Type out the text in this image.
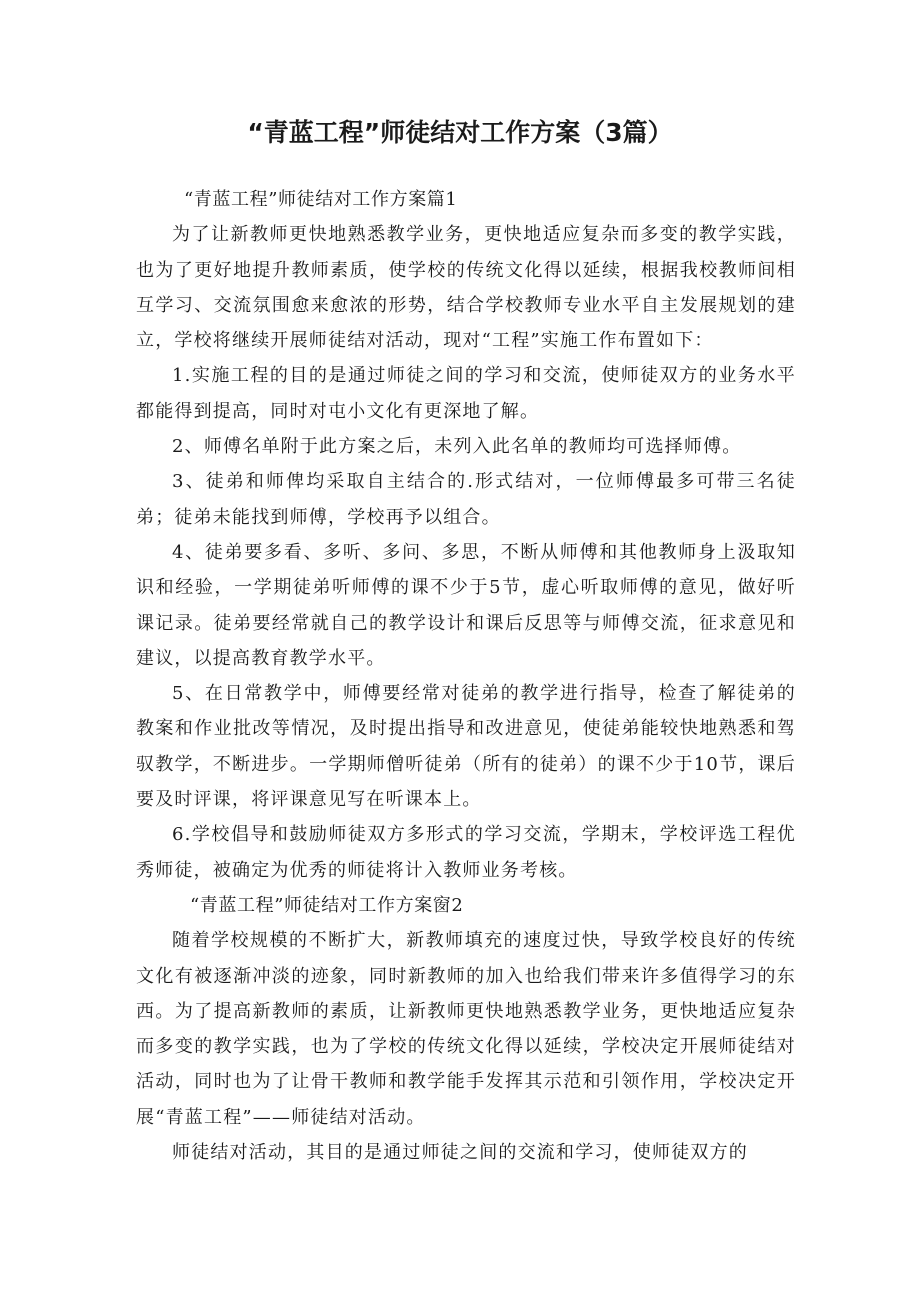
“青蓝工程”师徒结对工作方案（3篇）

“青蓝工程”师徒结对工作方案篇1

为了让新教师更快地熟悉教学业务，更快地适应复杂而多变的教学实践，也为了更好地提升教师素质，使学校的传统文化得以延续，根据我校教师间相互学习、交流氛围愈来愈浓的形势，结合学校教师专业水平自主发展规划的建立，学校将继续开展师徒结对活动，现对“工程”实施工作布置如下：

1.实施工程的目的是通过师徒之间的学习和交流，使师徒双方的业务水平都能得到提高，同时对屯小文化有更深地了解。

2、师傅名单附于此方案之后，未列入此名单的教师均可选择师傅。

3、徒弟和师俾均采取自主结合的.形式结对，一位师傅最多可带三名徒弟；徒弟未能找到师傅，学校再予以组合。

4、徒弟要多看、多听、多问、多思，不断从师傅和其他教师身上汲取知识和经验，一学期徒弟听师傅的课不少于5节，虚心听取师傅的意见，做好听课记录。徒弟要经常就自己的教学设计和课后反思等与师傅交流，征求意见和建议，以提高教育教学水平。

5、在日常教学中，师傅要经常对徒弟的教学进行指导，检查了解徒弟的教案和作业批改等情况，及时提出指导和改进意见，使徒弟能较快地熟悉和驾驭教学，不断进步。一学期师僧听徒弟（所有的徒弟）的课不少于10节，课后要及时评课，将评课意见写在听课本上。

6.学校倡导和鼓励师徒双方多形式的学习交流，学期末，学校评选工程优秀师徒，被确定为优秀的师徒将计入教师业务考核。

“青蓝工程”师徒结对工作方案窗2

随着学校规模的不断扩大，新教师填充的速度过快，导致学校良好的传统文化有被逐渐冲淡的迹象，同时新教师的加入也给我们带来许多值得学习的东西。为了提高新教师的素质，让新教师更快地熟悉教学业务，更快地适应复杂而多变的教学实践，也为了学校的传统文化得以延续，学校决定开展师徒结对活动，同时也为了让骨干教师和教学能手发挥其示范和引领作用，学校决定开展“青蓝工程”——师徒结对活动。

师徒结对活动，其目的是通过师徒之间的交流和学习，使师徒双方的
